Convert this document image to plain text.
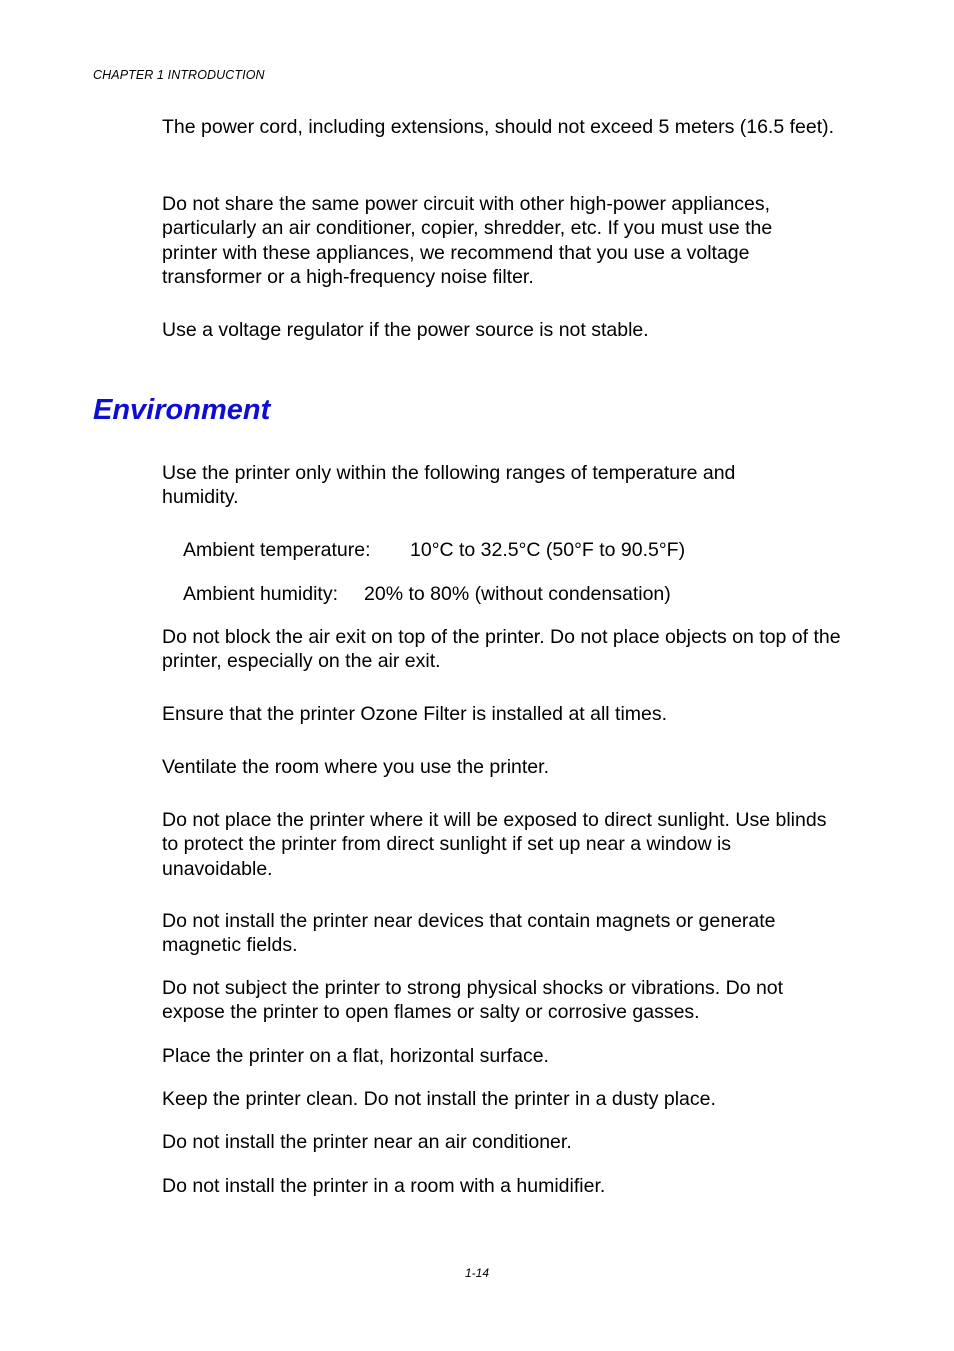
CHAPTER 1 INTRODUCTION

The power cord, including extensions, should not exceed 5 meters (16.5 feet).

Do not share the same power circuit with other high-power appliances, particularly an air conditioner, copier, shredder, etc. If you must use the printer with these appliances, we recommend that you use a voltage transformer or a high-frequency noise filter.

Use a voltage regulator if the power source is not stable.

Environment

Use the printer only within the following ranges of temperature and humidity.

Ambient temperature: 10°C to 32.5°C (50°F to 90.5°F)
Ambient humidity: 20% to 80% (without condensation)

Do not block the air exit on top of the printer. Do not place objects on top of the printer, especially on the air exit.

Ensure that the printer Ozone Filter is installed at all times.

Ventilate the room where you use the printer.

Do not place the printer where it will be exposed to direct sunlight. Use blinds to protect the printer from direct sunlight if set up near a window is unavoidable.

Do not install the printer near devices that contain magnets or generate magnetic fields.

Do not subject the printer to strong physical shocks or vibrations. Do not expose the printer to open flames or salty or corrosive gasses.

Place the printer on a flat, horizontal surface.

Keep the printer clean. Do not install the printer in a dusty place.

Do not install the printer near an air conditioner.

Do not install the printer in a room with a humidifier.

1-14
